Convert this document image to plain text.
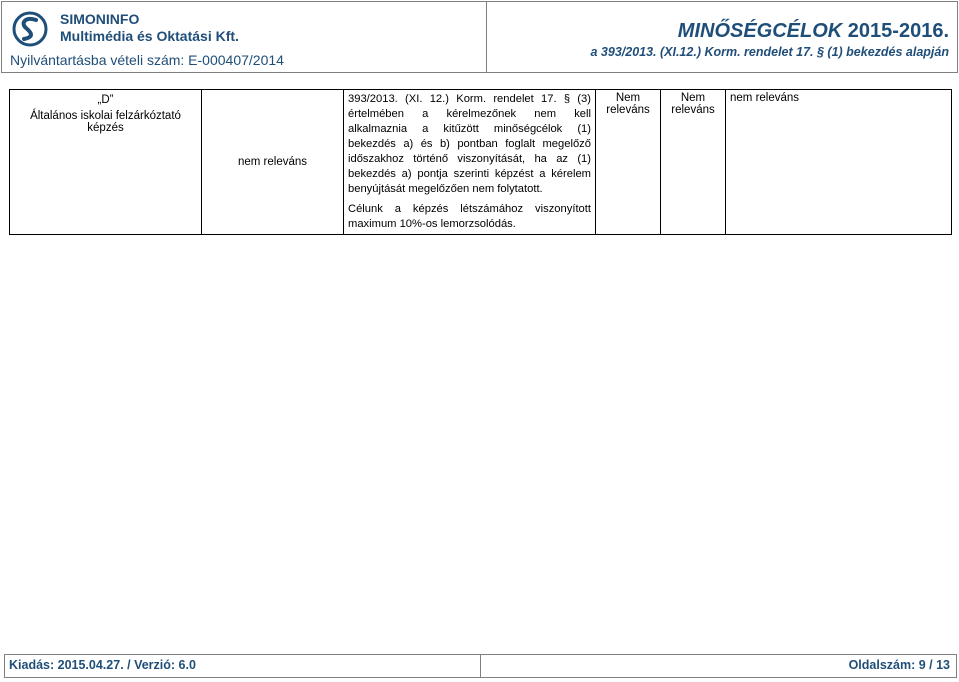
SIMONINFO
Multimédia és Oktatási Kft.
Nyilvántartásba vételi szám: E-000407/2014
MINŐSÉGCÉLOK 2015-2016.
a 393/2013. (XI.12.) Korm. rendelet 17. § (1) bekezdés alapján
„D”
Általános iskolai felzárkóztató képzés
	nem releváns	

393/2013. (XI. 12.) Korm. rendelet 17. § (3) értelmében a kérelmezőnek nem kell alkalmaznia a kitűzött minőségcélok (1) bekezdés a) és b) pontban foglalt megelőző időszakhoz történő viszonyítását, ha az (1) bekezdés a) pontja szerinti képzést a kérelem benyújtását megelőzően nem folytatott.

Célunk a képzés létszámához viszonyított maximum 10%-os lemorzsolódás.

	Nem releváns	Nem releváns	nem releváns
Kiadás: 2015.04.27. / Verzió: 6.0	Oldalszám: 9 / 13
